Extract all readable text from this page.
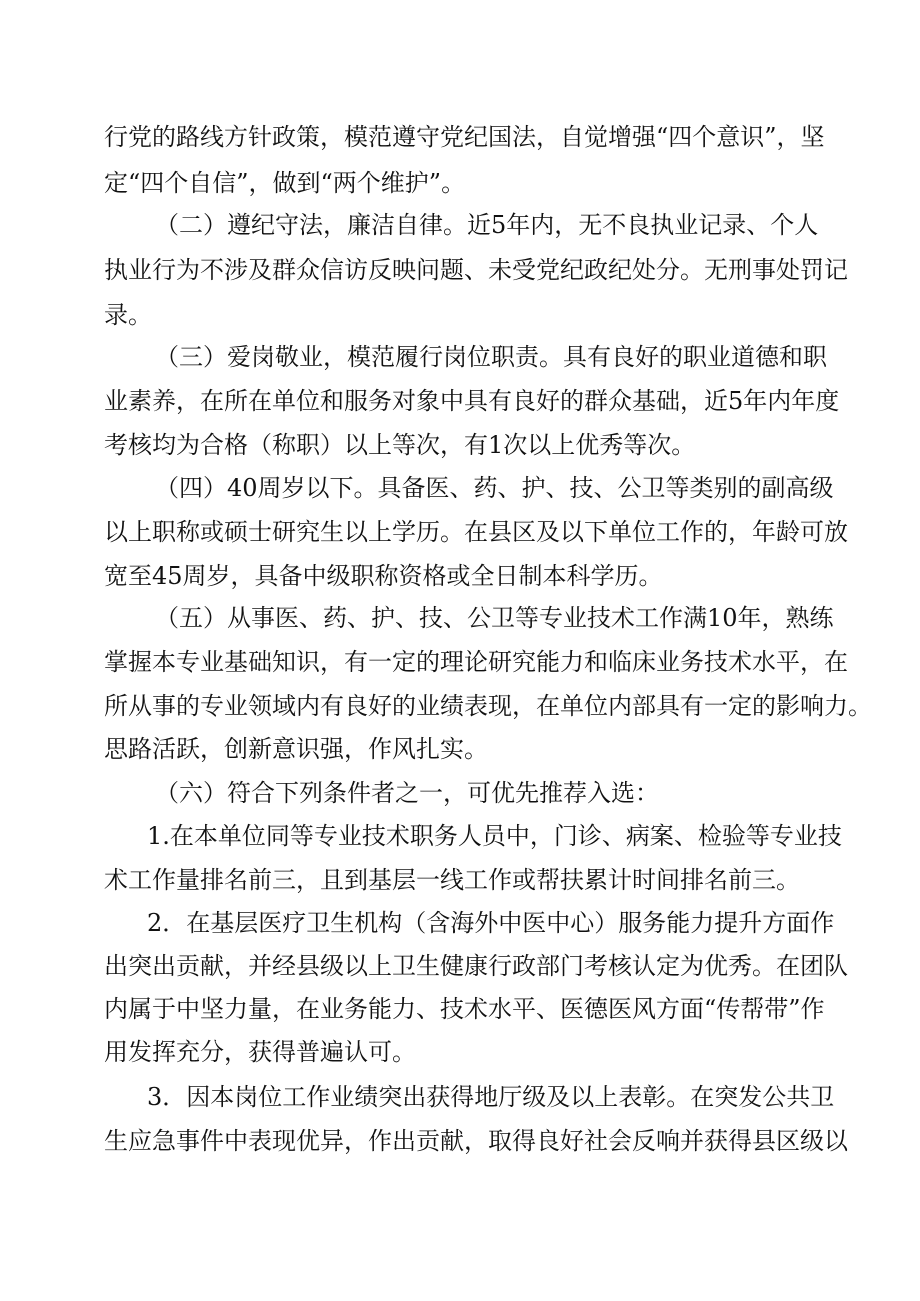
行党的路线方针政策，模范遵守党纪国法，自觉增强“四个意识”，坚
定“四个自信”，做到“两个维护”。
（二）遵纪守法，廉洁自律。近5年内，无不良执业记录、个人
执业行为不涉及群众信访反映问题、未受党纪政纪处分。无刑事处罚记
录。
（三）爱岗敬业，模范履行岗位职责。具有良好的职业道德和职
业素养，在所在单位和服务对象中具有良好的群众基础，近5年内年度
考核均为合格（称职）以上等次，有1次以上优秀等次。
（四）40周岁以下。具备医、药、护、技、公卫等类别的副高级
以上职称或硕士研究生以上学历。在县区及以下单位工作的，年龄可放
宽至45周岁，具备中级职称资格或全日制本科学历。
（五）从事医、药、护、技、公卫等专业技术工作满10年，熟练
掌握本专业基础知识，有一定的理论研究能力和临床业务技术水平，在
所从事的专业领域内有良好的业绩表现，在单位内部具有一定的影响力。
思路活跃，创新意识强，作风扎实。
（六）符合下列条件者之一，可优先推荐入选：
1.在本单位同等专业技术职务人员中，门诊、病案、检验等专业技
术工作量排名前三，且到基层一线工作或帮扶累计时间排名前三。
2．在基层医疗卫生机构（含海外中医中心）服务能力提升方面作
出突出贡献，并经县级以上卫生健康行政部门考核认定为优秀。在团队
内属于中坚力量，在业务能力、技术水平、医德医风方面“传帮带”作
用发挥充分，获得普遍认可。
3．因本岗位工作业绩突出获得地厅级及以上表彰。在突发公共卫
生应急事件中表现优异，作出贡献，取得良好社会反响并获得县区级以
